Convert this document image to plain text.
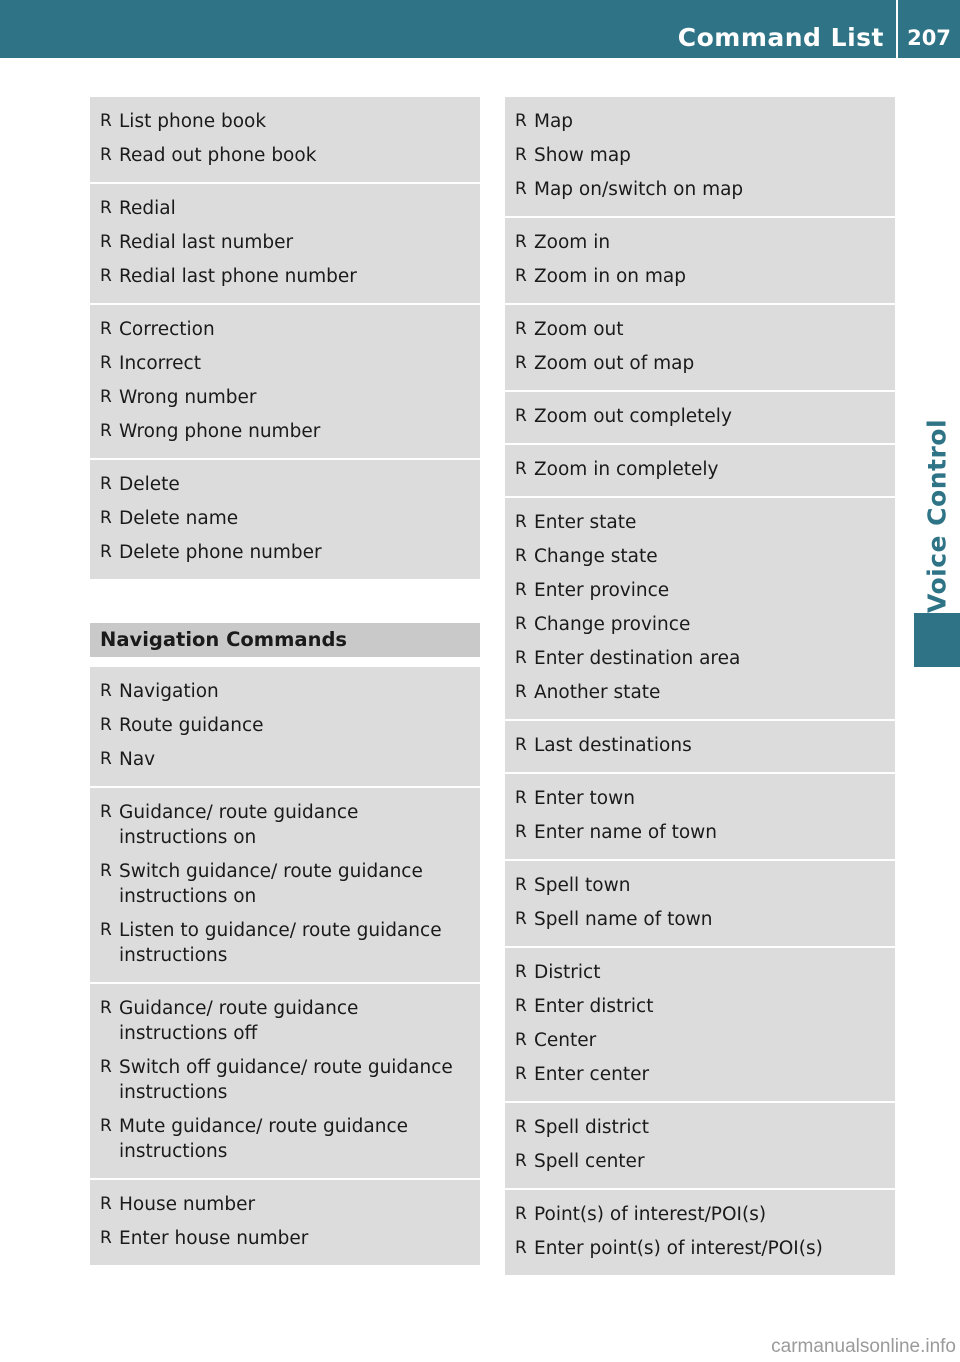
Command List	207
Voice Control
R List phone book
R Read out phone book
R Redial
R Redial last number
R Redial last phone number
R Correction
R Incorrect
R Wrong number
R Wrong phone number
R Delete
R Delete name
R Delete phone number
Navigation Commands
R Navigation
R Route guidance
R Nav
R Guidance/ route guidance instructions on
R Switch guidance/ route guidance instructions on
R Listen to guidance/ route guidance instructions
R Guidance/ route guidance instructions off
R Switch off guidance/ route guidance instructions
R Mute guidance/ route guidance instructions
R House number
R Enter house number
R Map
R Show map
R Map on/switch on map
R Zoom in
R Zoom in on map
R Zoom out
R Zoom out of map
R Zoom out completely
R Zoom in completely
R Enter state
R Change state
R Enter province
R Change province
R Enter destination area
R Another state
R Last destinations
R Enter town
R Enter name of town
R Spell town
R Spell name of town
R District
R Enter district
R Center
R Enter center
R Spell district
R Spell center
R Point(s) of interest/POI(s)
R Enter point(s) of interest/POI(s)
carmanualsonline.info
